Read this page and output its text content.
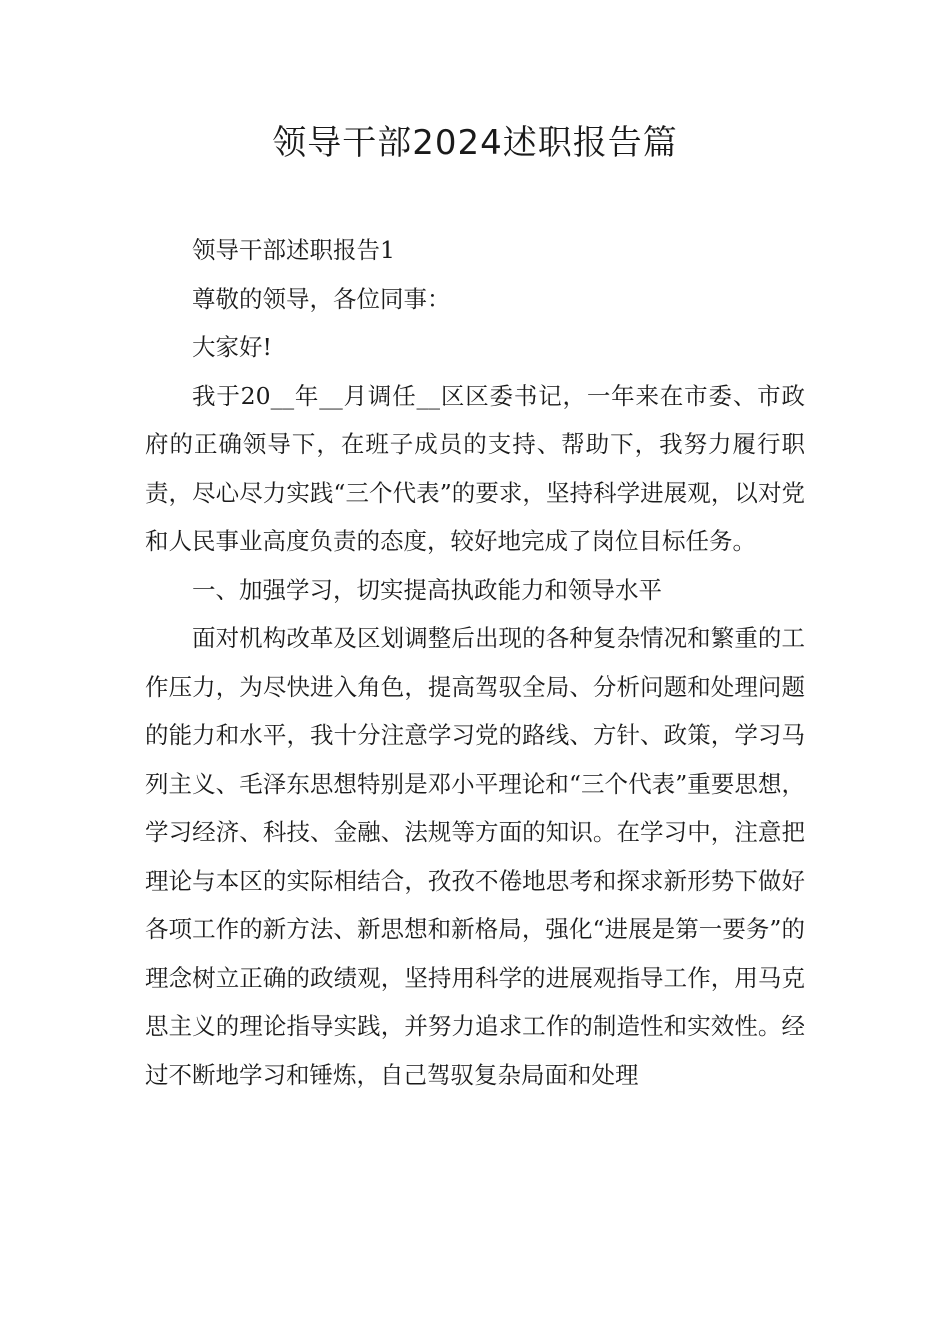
领导干部2024述职报告篇

领导干部述职报告1

尊敬的领导，各位同事：

大家好!

我于20__年__月调任__区区委书记，一年来在市委、市政府的正确领导下，在班子成员的支持、帮助下，我努力履行职责，尽心尽力实践“三个代表”的要求，坚持科学进展观，以对党和人民事业高度负责的态度，较好地完成了岗位目标任务。

一、加强学习，切实提高执政能力和领导水平

面对机构改革及区划调整后出现的各种复杂情况和繁重的工作压力，为尽快进入角色，提高驾驭全局、分析问题和处理问题的能力和水平，我十分注意学习党的路线、方针、政策，学习马列主义、毛泽东思想特别是邓小平理论和“三个代表”重要思想，学习经济、科技、金融、法规等方面的知识。在学习中，注意把理论与本区的实际相结合，孜孜不倦地思考和探求新形势下做好各项工作的新方法、新思想和新格局，强化“进展是第一要务”的理念树立正确的政绩观，坚持用科学的进展观指导工作，用马克思主义的理论指导实践，并努力追求工作的制造性和实效性。经过不断地学习和锤炼，自己驾驭复杂局面和处理
